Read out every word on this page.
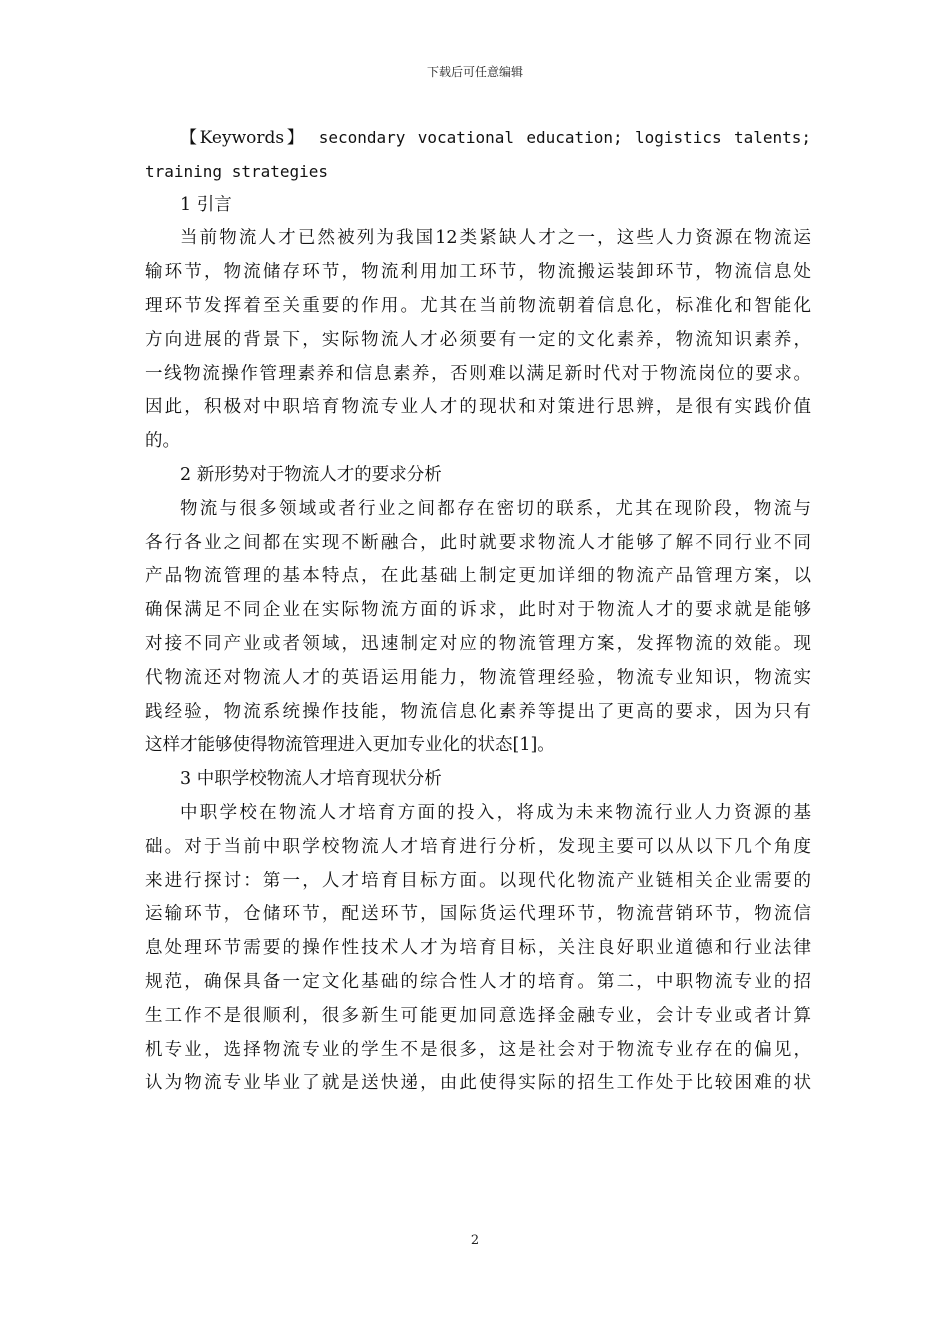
下载后可任意编辑
【Keywords】 secondary vocational education; logistics talents;
training strategies
1 引言
当前物流人才已然被列为我国12类紧缺人才之一，这些人力资源在物流运
输环节，物流储存环节，物流利用加工环节，物流搬运装卸环节，物流信息处
理环节发挥着至关重要的作用。尤其在当前物流朝着信息化，标准化和智能化
方向进展的背景下，实际物流人才必须要有一定的文化素养，物流知识素养，
一线物流操作管理素养和信息素养，否则难以满足新时代对于物流岗位的要求。
因此，积极对中职培育物流专业人才的现状和对策进行思辨，是很有实践价值
的。
2 新形势对于物流人才的要求分析
物流与很多领域或者行业之间都存在密切的联系，尤其在现阶段，物流与
各行各业之间都在实现不断融合，此时就要求物流人才能够了解不同行业不同
产品物流管理的基本特点，在此基础上制定更加详细的物流产品管理方案，以
确保满足不同企业在实际物流方面的诉求，此时对于物流人才的要求就是能够
对接不同产业或者领域，迅速制定对应的物流管理方案，发挥物流的效能。现
代物流还对物流人才的英语运用能力，物流管理经验，物流专业知识，物流实
践经验，物流系统操作技能，物流信息化素养等提出了更高的要求，因为只有
这样才能够使得物流管理进入更加专业化的状态[1]。
3 中职学校物流人才培育现状分析
中职学校在物流人才培育方面的投入，将成为未来物流行业人力资源的基
础。对于当前中职学校物流人才培育进行分析，发现主要可以从以下几个角度
来进行探讨：第一，人才培育目标方面。以现代化物流产业链相关企业需要的
运输环节，仓储环节，配送环节，国际货运代理环节，物流营销环节，物流信
息处理环节需要的操作性技术人才为培育目标，关注良好职业道德和行业法律
规范，确保具备一定文化基础的综合性人才的培育。第二，中职物流专业的招
生工作不是很顺利，很多新生可能更加同意选择金融专业，会计专业或者计算
机专业，选择物流专业的学生不是很多，这是社会对于物流专业存在的偏见，
认为物流专业毕业了就是送快递，由此使得实际的招生工作处于比较困难的状
2
